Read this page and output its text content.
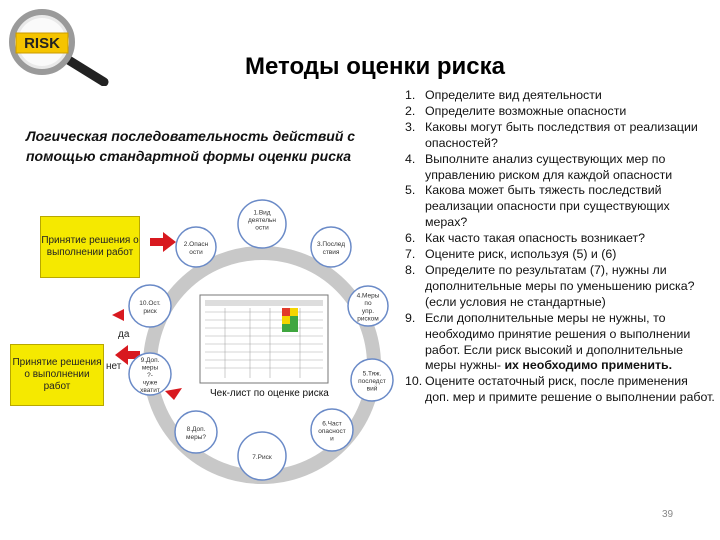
RISK
Методы оценки риска
Логическая последовательность действий с помощью стандартной формы оценки риска
Принятие решения о выполнении работ
Принятие решения о выполнении работ
да
нет
Чек-лист по оценке риска
1.Вид деятельн ости
2.Опасн ости
3.Послед ствия
4.Меры по упр. риском
5.Тяж. последст вий
6.Част опасност и
7.Риск
8.Доп. меры?
9.Доп. меры ?-чуже хватит
10.Ост. риск
1. Определите вид деятельности
2. Определите возможные опасности
3. Каковы могут быть последствия от реализации опасностей?
4. Выполните анализ существующих мер по управлению риском для каждой опасности
5. Какова может быть тяжесть последствий реализации опасности при существующих мерах?
6. Как часто такая опасность возникает?
7. Оцените риск, используя (5) и (6)
8. Определите по результатам (7), нужны ли дополнительные меры по уменьшению риска? (если условия не стандартные)
9. Если дополнительные меры не нужны, то необходимо принятие решения о выполнении работ. Если риск высокий и дополнительные меры нужны- их необходимо применить.
10. Оцените остаточный риск, после применения доп. мер и примите решение о выполнении работ.
39
